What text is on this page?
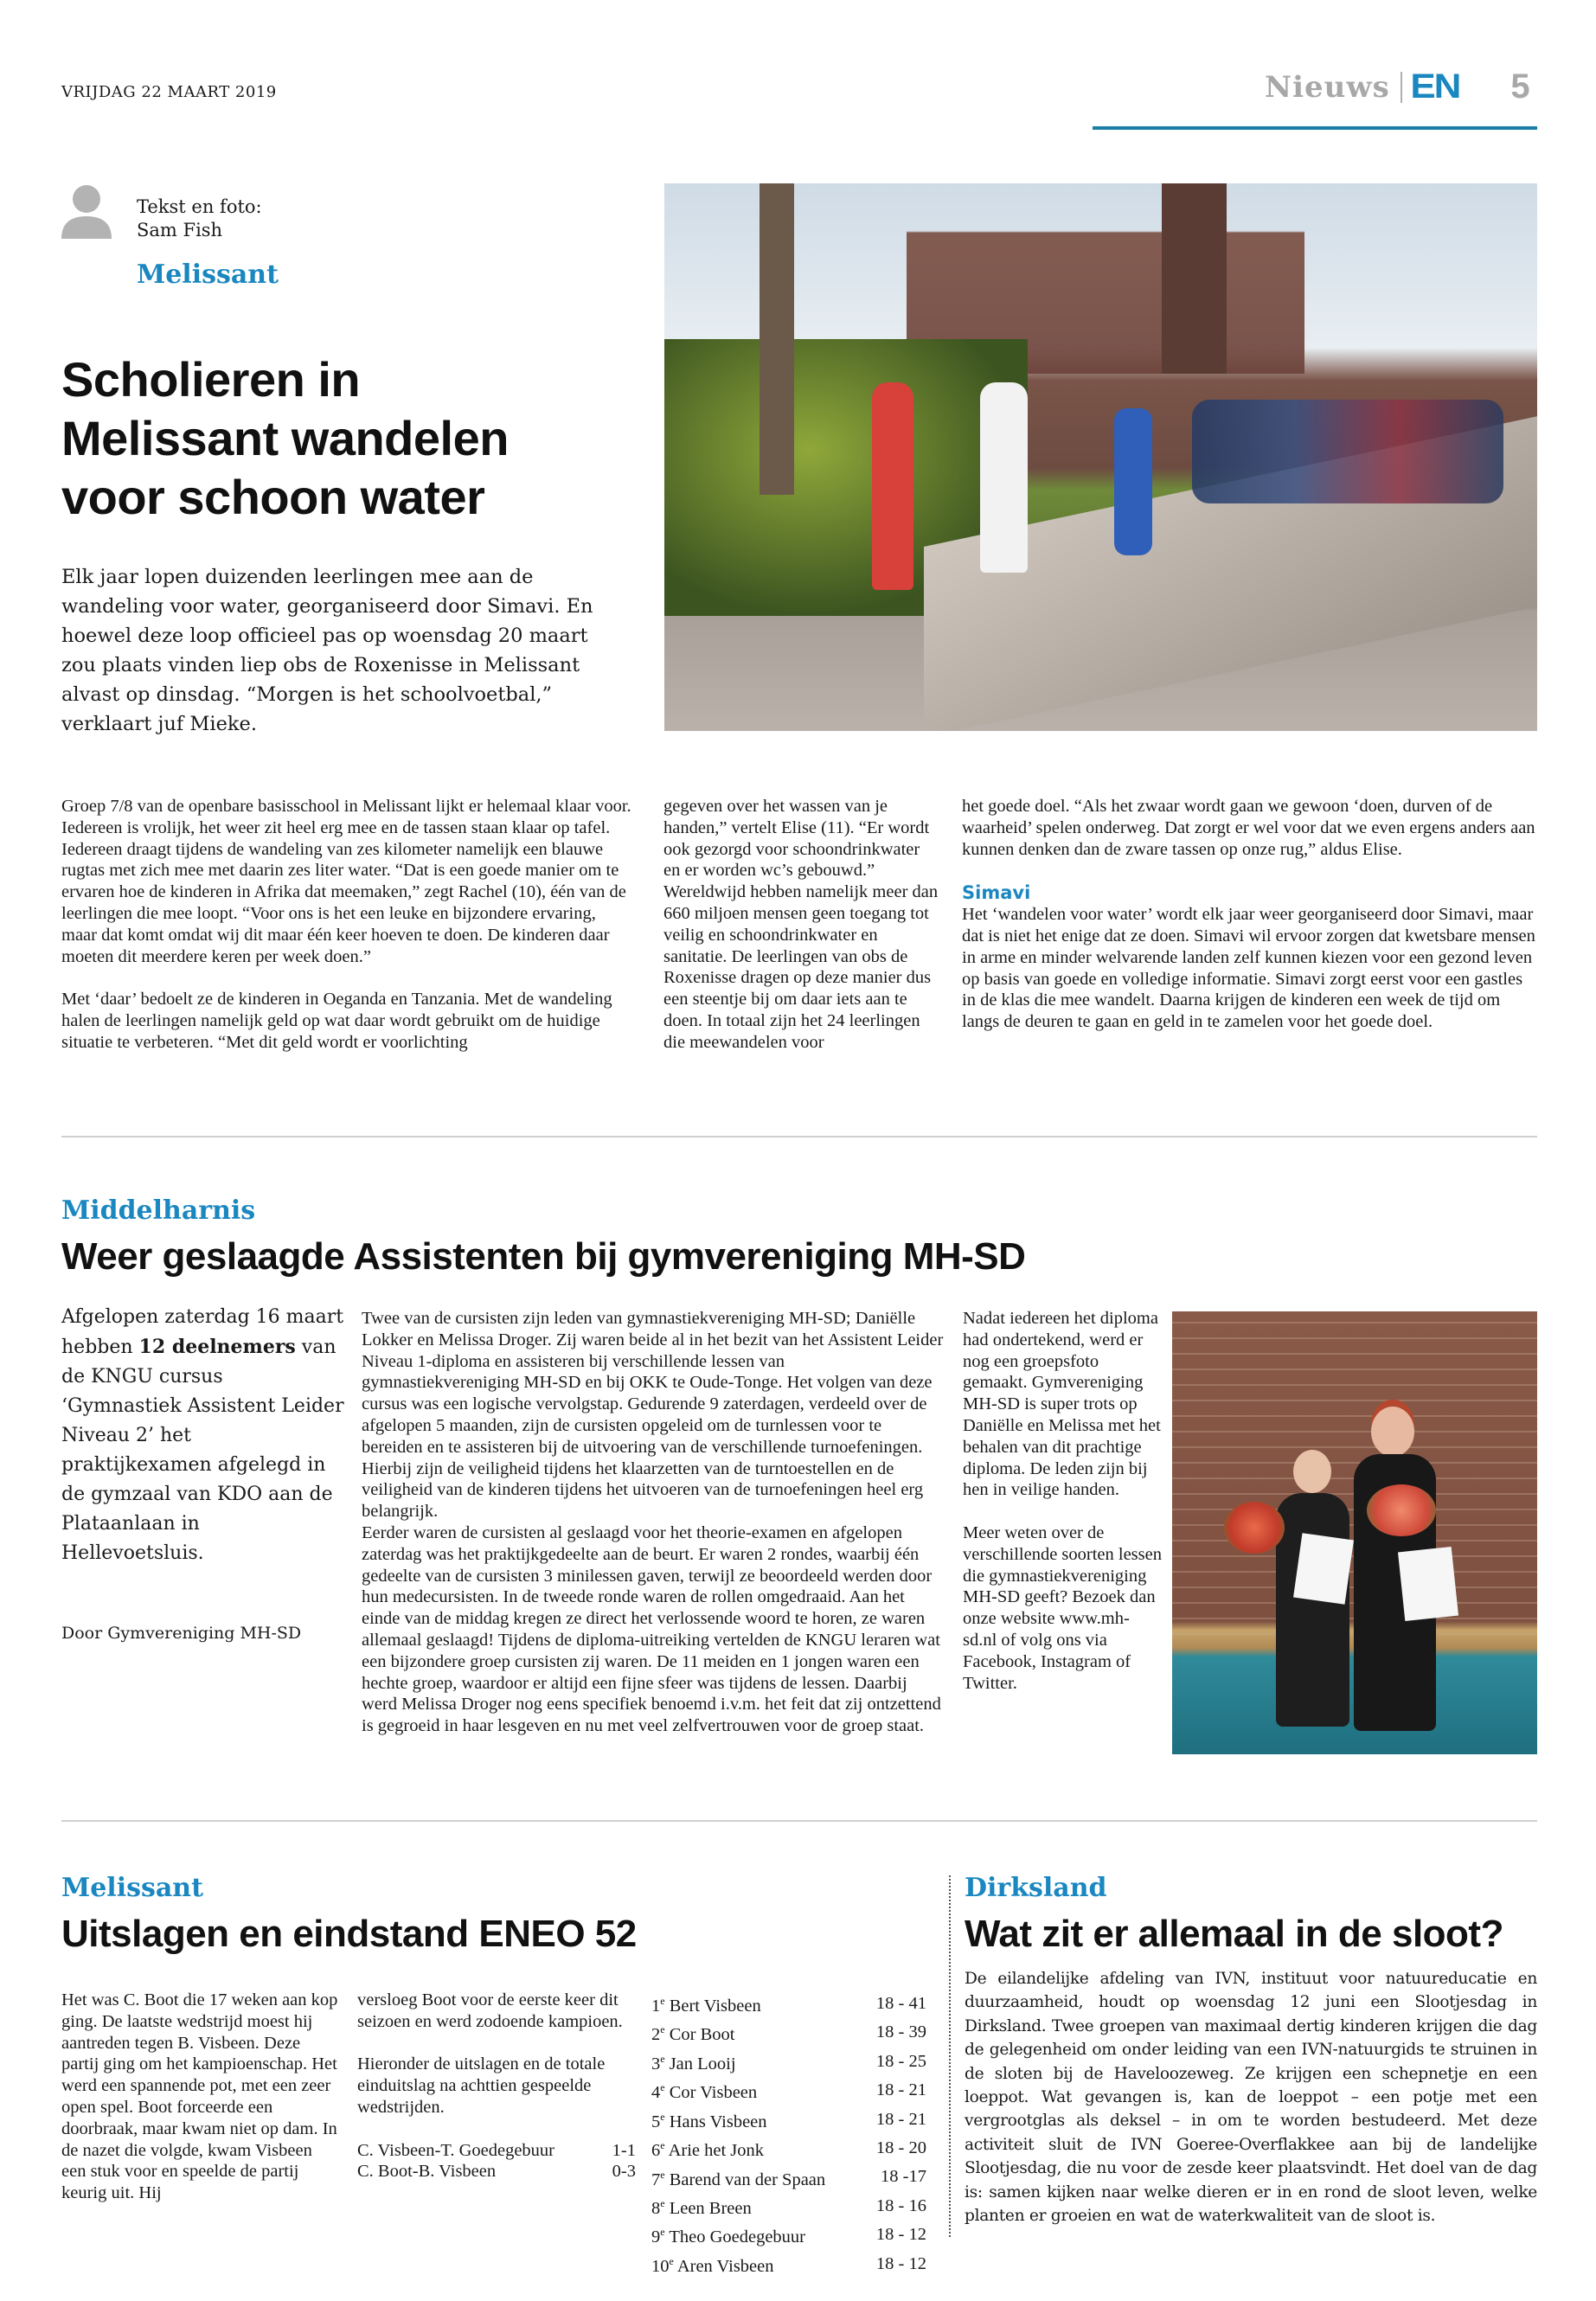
VRIJDAG 22 MAART 2019	Nieuws EN 5
Tekst en foto:
Sam Fish
Melissant
Scholieren in
Melissant wandelen
voor schoon water
Elk jaar lopen duizenden leerlingen mee aan de wandeling voor water, georganiseerd door Simavi. En hoewel deze loop officieel pas op woensdag 20 maart zou plaats vinden liep obs de Roxenisse in Melissant alvast op dinsdag. “Morgen is het schoolvoetbal,” verklaart juf Mieke.

Groep 7/8 van de openbare basisschool in Melissant lijkt er helemaal klaar voor. Iedereen is vrolijk, het weer zit heel erg mee en de tassen staan klaar op tafel. Iedereen draagt tijdens de wandeling van zes kilometer namelijk een blauwe rugtas met zich mee met daarin zes liter water. “Dat is een goede manier om te ervaren hoe de kinderen in Afrika dat meemaken,” zegt Rachel (10), één van de leerlingen die mee loopt. “Voor ons is het een leuke en bijzondere ervaring, maar dat komt omdat wij dit maar één keer hoeven te doen. De kinderen daar moeten dit meerdere keren per week doen.”

Met ‘daar’ bedoelt ze de kinderen in Oeganda en Tanzania. Met de wandeling halen de leerlingen namelijk geld op wat daar wordt gebruikt om de huidige situatie te verbeteren. “Met dit geld wordt er voorlichting

gegeven over het wassen van je handen,” vertelt Elise (11). “Er wordt ook gezorgd voor schoondrinkwater en er worden wc’s gebouwd.” Wereldwijd hebben namelijk meer dan 660 miljoen mensen geen toegang tot veilig en schoondrinkwater en sanitatie. De leerlingen van obs de Roxenisse dragen op deze manier dus een steentje bij om daar iets aan te doen. In totaal zijn het 24 leerlingen die meewandelen voor

het goede doel. “Als het zwaar wordt gaan we gewoon ‘doen, durven of de waarheid’ spelen onderweg. Dat zorgt er wel voor dat we even ergens anders aan kunnen denken dan de zware tassen op onze rug,” aldus Elise.

Simavi

Het ‘wandelen voor water’ wordt elk jaar weer georganiseerd door Simavi, maar dat is niet het enige dat ze doen. Simavi wil ervoor zorgen dat kwetsbare mensen in arme en minder welvarende landen zelf kunnen kiezen voor een gezond leven op basis van goede en volledige informatie. Simavi zorgt eerst voor een gastles in de klas die mee wandelt. Daarna krijgen de kinderen een week de tijd om langs de deuren te gaan en geld in te zamelen voor het goede doel.

Middelharnis
Weer geslaagde Assistenten bij gymvereniging MH-SD
Afgelopen zaterdag 16 maart hebben 12 deelnemers van de KNGU cursus ‘Gymnastiek Assistent Leider Niveau 2’ het praktijkexamen afgelegd in de gymzaal van KDO aan de Plataanlaan in Hellevoetsluis.
Door Gymvereniging MH-SD

Twee van de cursisten zijn leden van gymnastiekvereniging MH-SD; Daniëlle Lokker en Melissa Droger. Zij waren beide al in het bezit van het Assistent Leider Niveau 1-diploma en assisteren bij verschillende lessen van gymnastiekvereniging MH-SD en bij OKK te Oude-Tonge. Het volgen van deze cursus was een logische vervolgstap. Gedurende 9 zaterdagen, verdeeld over de afgelopen 5 maanden, zijn de cursisten opgeleid om de turnlessen voor te bereiden en te assisteren bij de uitvoering van de verschillende turnoefeningen. Hierbij zijn de veiligheid tijdens het klaarzetten van de turntoestellen en de veiligheid van de kinderen tijdens het uitvoeren van de turnoefeningen heel erg belangrijk.

Eerder waren de cursisten al geslaagd voor het theorie-examen en afgelopen zaterdag was het praktijkgedeelte aan de beurt. Er waren 2 rondes, waarbij één gedeelte van de cursisten 3 minilessen gaven, terwijl ze beoordeeld werden door hun medecursisten. In de tweede ronde waren de rollen omgedraaid. Aan het einde van de middag kregen ze direct het verlossende woord te horen, ze waren allemaal geslaagd! Tijdens de diploma-uitreiking vertelden de KNGU leraren wat een bijzondere groep cursisten zij waren. De 11 meiden en 1 jongen waren een hechte groep, waardoor er altijd een fijne sfeer was tijdens de lessen. Daarbij werd Melissa Droger nog eens specifiek benoemd i.v.m. het feit dat zij ontzettend is gegroeid in haar lesgeven en nu met veel zelfvertrouwen voor de groep staat.

Nadat iedereen het diploma had ondertekend, werd er nog een groepsfoto gemaakt. Gymvereniging MH-SD is super trots op Daniëlle en Melissa met het behalen van dit prachtige diploma. De leden zijn bij hen in veilige handen.

Meer weten over de verschillende soorten lessen die gymnastiekvereniging MH-SD geeft? Bezoek dan onze website www.mh-sd.nl of volg ons via Facebook, Instagram of Twitter.

Melissant
Uitslagen en eindstand ENEO 52

Het was C. Boot die 17 weken aan kop ging. De laatste wedstrijd moest hij aantreden tegen B. Visbeen. Deze partij ging om het kampioenschap. Het werd een spannende pot, met een zeer open spel. Boot forceerde een doorbraak, maar kwam niet op dam. In de nazet die volgde, kwam Visbeen een stuk voor en speelde de partij keurig uit. Hij

versloeg Boot voor de eerste keer dit seizoen en werd zodoende kampioen.

Hieronder de uitslagen en de totale einduitslag na achttien gespeelde wedstrijden.

C. Visbeen-T. Goedegebuur	1-1
C. Boot-B. Visbeen	0-3
1e Bert Visbeen	18 - 41
2e Cor Boot	18 - 39
3e Jan Looij	18 - 25
4e Cor Visbeen	18 - 21
5e Hans Visbeen	18 - 21
6e Arie het Jonk	18 - 20
7e Barend van der Spaan	18 -17
8e Leen Breen	18 - 16
9e Theo Goedegebuur	18 - 12
10e Aren Visbeen	18 - 12
Dirksland
Wat zit er allemaal in de sloot?
De eilandelijke afdeling van IVN, instituut voor natuureducatie en duurzaamheid, houdt op woensdag 12 juni een Slootjesdag in Dirksland. Twee groepen van maximaal dertig kinderen krijgen die dag de gelegenheid om onder leiding van een IVN-natuurgids te struinen in de sloten bij de Haveloozeweg. Ze krijgen een schepnetje en een loeppot. Wat gevangen is, kan de loeppot – een potje met een vergrootglas als deksel – in om te worden bestudeerd. Met deze activiteit sluit de IVN Goeree-Overflakkee aan bij de landelijke Slootjesdag, die nu voor de zesde keer plaatsvindt. Het doel van de dag is: samen kijken naar welke dieren er in en rond de sloot leven, welke planten er groeien en wat de waterkwaliteit van de sloot is.
